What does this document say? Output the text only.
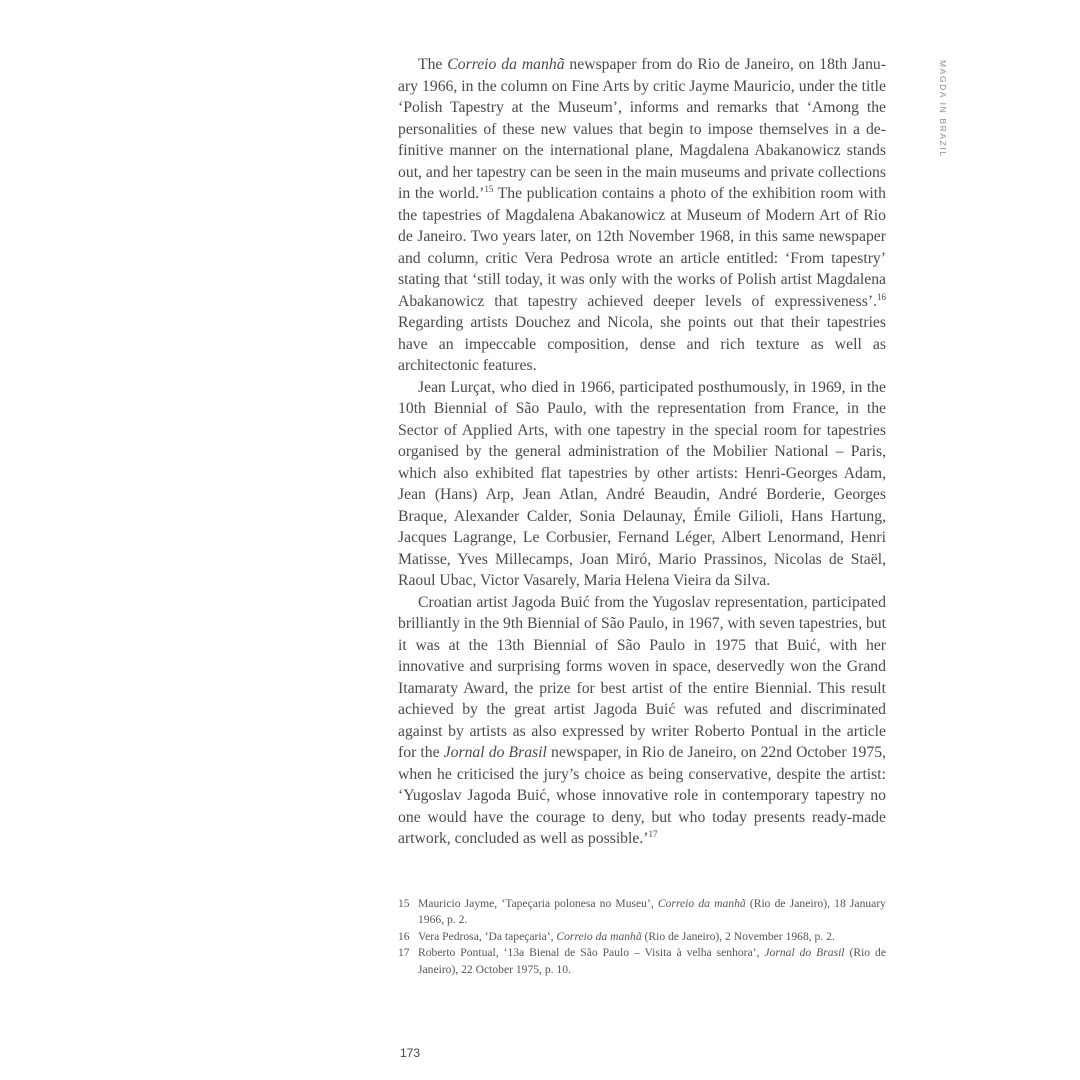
MAGDA IN BRAZIL

The Correio da manhã newspaper from do Rio de Janeiro, on 18th January 1966, in the column on Fine Arts by critic Jayme Mauricio, under the title ‘Polish Tapestry at the Museum’, informs and remarks that ‘Among the personalities of these new values that begin to impose themselves in a definitive manner on the international plane, Magdalena Abakanowicz stands out, and her tapestry can be seen in the main museums and private collections in the world.’$^{15}$ The publication contains a photo of the exhibition room with the tapestries of Magdalena Abakanowicz at Museum of Modern Art of Rio de Janeiro. Two years later, on 12th November 1968, in this same newspaper and column, critic Vera Pedrosa wrote an article entitled: ‘From tapestry’ stating that ‘still today, it was only with the works of Polish artist Magdalena Abakanowicz that tapestry achieved deeper levels of expressiveness’.$^{16}$ Regarding artists Douchez and Nicola, she points out that their tapestries have an impeccable composition, dense and rich texture as well as architectonic features.

Jean Lurçat, who died in 1966, participated posthumously, in 1969, in the 10th Biennial of São Paulo, with the representation from France, in the Sector of Applied Arts, with one tapestry in the special room for tapestries organised by the general administration of the Mobilier National – Paris, which also exhibited flat tapestries by other artists: Henri-Georges Adam, Jean (Hans) Arp, Jean Atlan, André Beaudin, André Borderie, Georges Braque, Alexander Calder, Sonia Delaunay, Émile Gilioli, Hans Hartung, Jacques Lagrange, Le Corbusier, Fernand Léger, Albert Lenormand, Henri Matisse, Yves Millecamps, Joan Miró, Mario Prassinos, Nicolas de Staël, Raoul Ubac, Victor Vasarely, Maria Helena Vieira da Silva.

Croatian artist Jagoda Buić from the Yugoslav representation, participated brilliantly in the 9th Biennial of São Paulo, in 1967, with seven tapestries, but it was at the 13th Biennial of São Paulo in 1975 that Buić, with her innovative and surprising forms woven in space, deservedly won the Grand Itamaraty Award, the prize for best artist of the entire Biennial. This result achieved by the great artist Jagoda Buić was refuted and discriminated against by artists as also expressed by writer Roberto Pontual in the article for the Jornal do Brasil newspaper, in Rio de Janeiro, on 22nd October 1975, when he criticised the jury’s choice as being conservative, despite the artist: ‘Yugoslav Jagoda Buić, whose innovative role in contemporary tapestry no one would have the courage to deny, but who today presents ready-made artwork, concluded as well as possible.’$^{17}$

15 Mauricio Jayme, ‘Tapeçaria polonesa no Museu’, Correio da manhã (Rio de Janeiro), 18 January 1966, p. 2.
16 Vera Pedrosa, ‘Da tapeçaria’, Correio da manhã (Rio de Janeiro), 2 November 1968, p. 2.
17 Roberto Pontual, ‘13a Bienal de São Paulo – Visita à velha senhora’, Jornal do Brasil (Rio de Janeiro), 22 October 1975, p. 10.
173
